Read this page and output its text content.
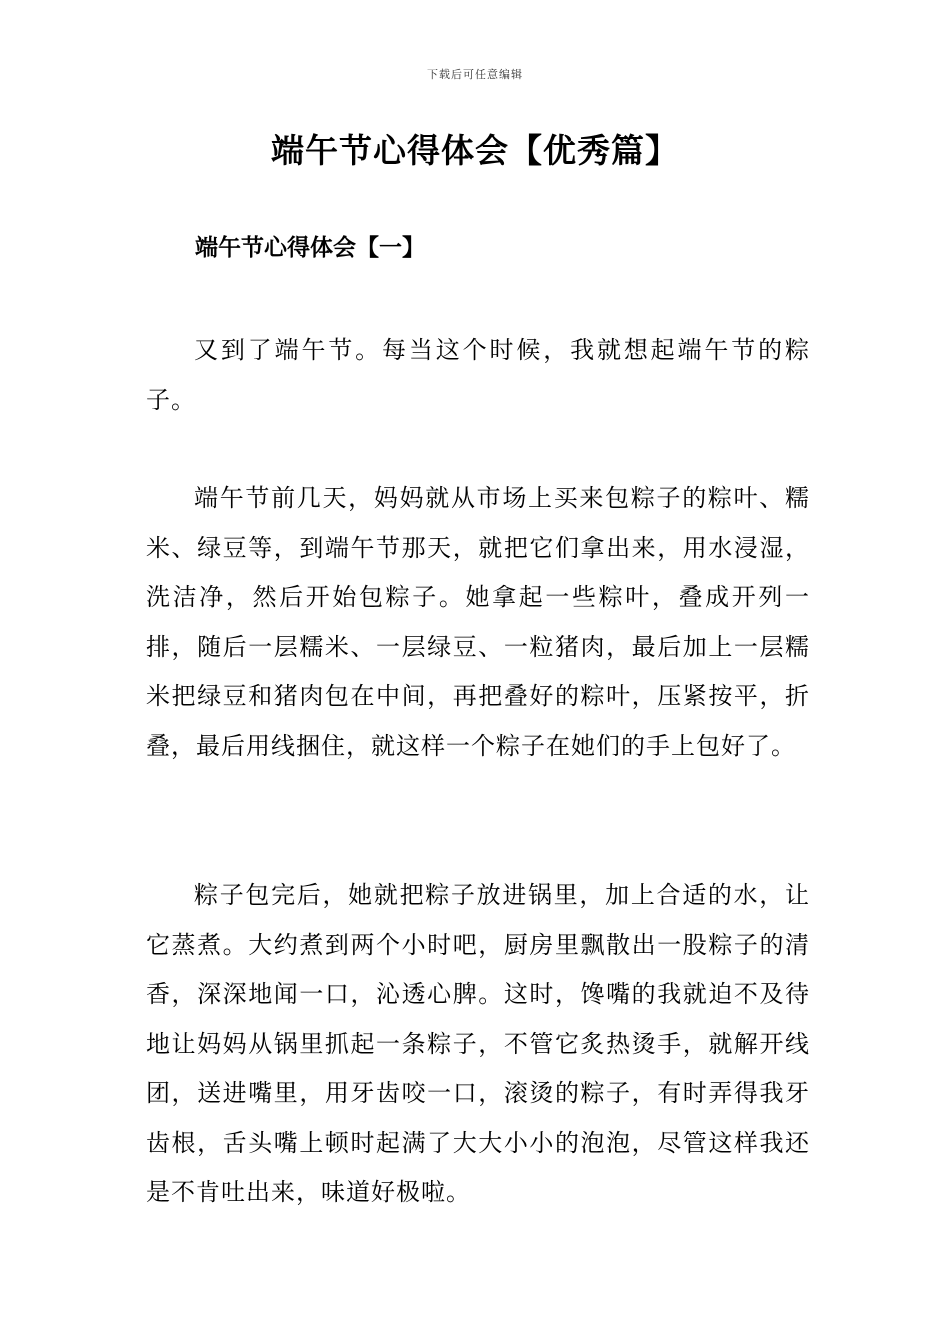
下载后可任意编辑
端午节心得体会【优秀篇】
端午节心得体会【一】

又到了端午节。每当这个时候，我就想起端午节的粽子。

端午节前几天，妈妈就从市场上买来包粽子的粽叶、糯米、绿豆等，到端午节那天，就把它们拿出来，用水浸湿，洗洁净，然后开始包粽子。她拿起一些粽叶，叠成开列一排，随后一层糯米、一层绿豆、一粒猪肉，最后加上一层糯米把绿豆和猪肉包在中间，再把叠好的粽叶，压紧按平，折叠，最后用线捆住，就这样一个粽子在她们的手上包好了。

粽子包完后，她就把粽子放进锅里，加上合适的水，让它蒸煮。大约煮到两个小时吧，厨房里飘散出一股粽子的清香，深深地闻一口，沁透心脾。这时，馋嘴的我就迫不及待地让妈妈从锅里抓起一条粽子，不管它炙热烫手，就解开线团，送进嘴里，用牙齿咬一口，滚烫的粽子，有时弄得我牙齿根，舌头嘴上顿时起满了大大小小的泡泡，尽管这样我还是不肯吐出来，味道好极啦。
